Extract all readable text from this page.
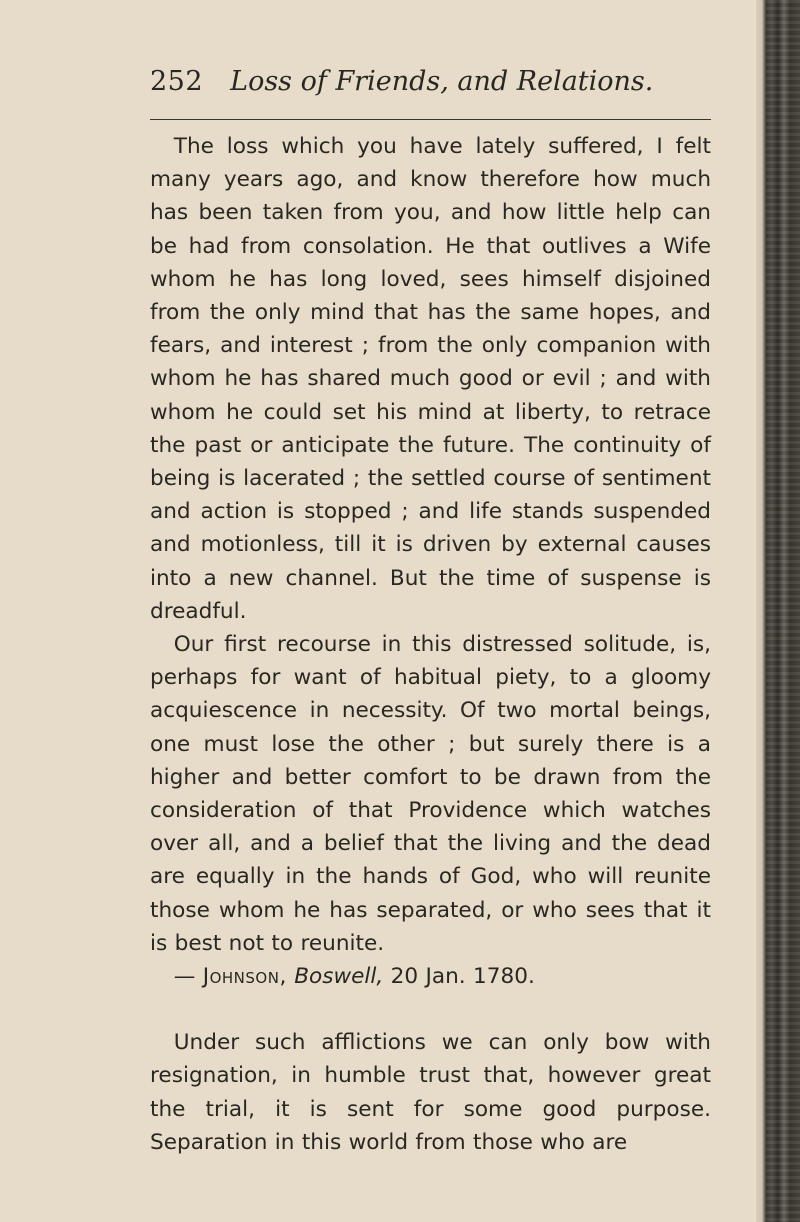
252 Loss of Friends, and Relations.

The loss which you have lately suffered, I felt many years ago, and know therefore how much has been taken from you, and how little help can be had from consolation. He that outlives a Wife whom he has long loved, sees himself disjoined from the only mind that has the same hopes, and fears, and interest ; from the only companion with whom he has shared much good or evil ; and with whom he could set his mind at liberty, to retrace the past or anticipate the future. The continuity of being is lacerated ; the settled course of sentiment and action is stopped ; and life stands suspended and motionless, till it is driven by external causes into a new channel. But the time of suspense is dreadful.

Our first recourse in this distressed solitude, is, perhaps for want of habitual piety, to a gloomy acquiescence in necessity. Of two mortal beings, one must lose the other ; but surely there is a higher and better comfort to be drawn from the consideration of that Providence which watches over all, and a belief that the living and the dead are equally in the hands of God, who will reunite those whom he has separated, or who sees that it is best not to reunite.

— Johnson, Boswell, 20 Jan. 1780.

Under such afflictions we can only bow with resignation, in humble trust that, however great the trial, it is sent for some good purpose. Separation in this world from those who are
